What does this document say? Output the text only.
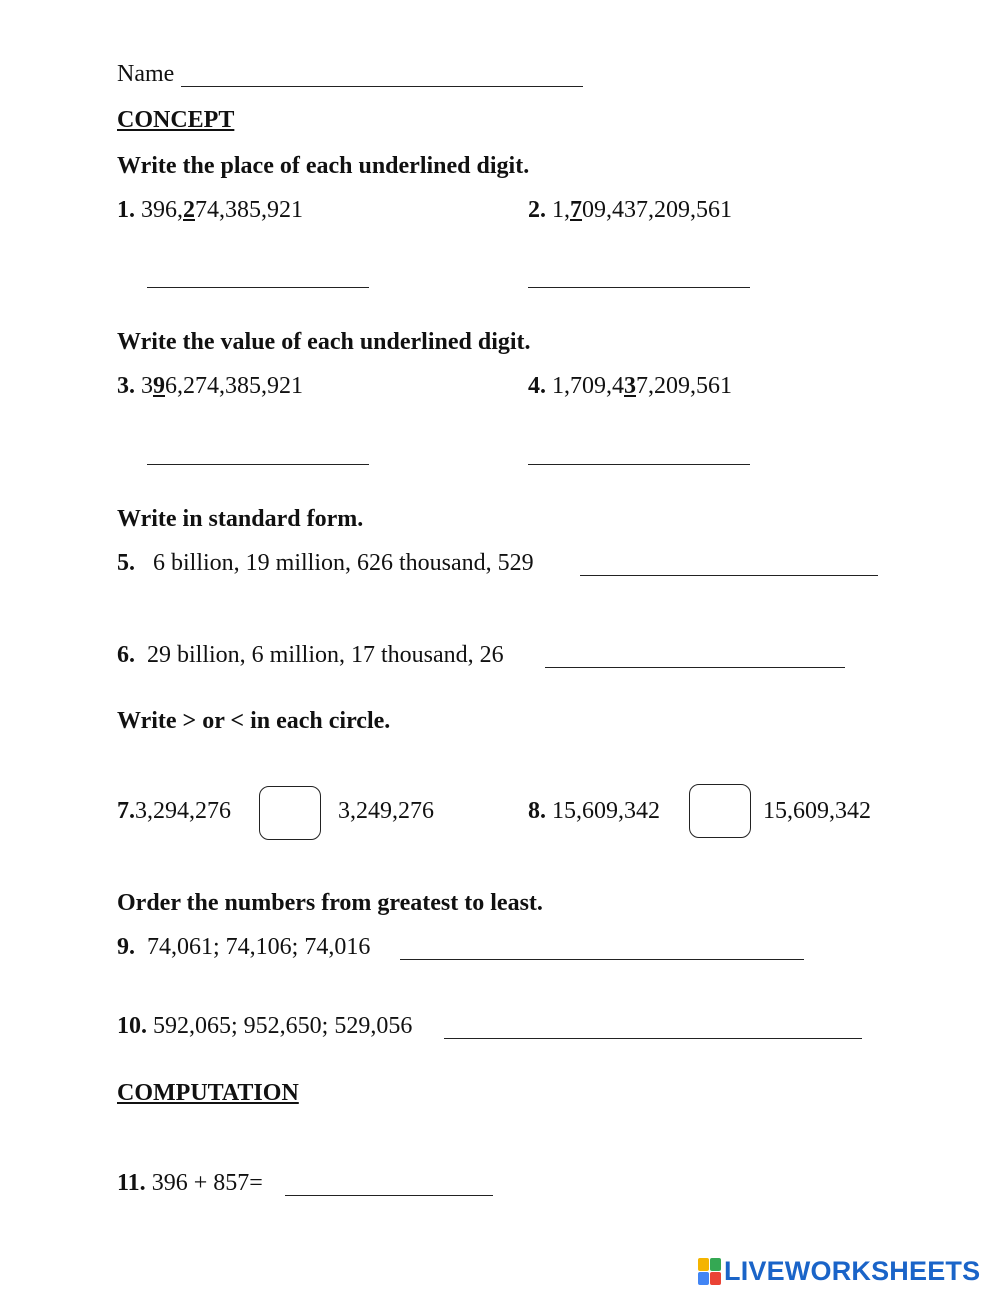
Name
CONCEPT
Write the place of each underlined digit.
1. 396,274,385,921	2. 1,709,437,209,561
Write the value of each underlined digit.
3. 396,274,385,921	4. 1,709,437,209,561
Write in standard form.
5. 6 billion, 19 million, 626 thousand, 529
6. 29 billion, 6 million, 17 thousand, 26
Write > or < in each circle.
7.3,294,276	3,249,276	8. 15,609,342	15,609,342
Order the numbers from greatest to least.
9. 74,061; 74,106; 74,016
10. 592,065; 952,650; 529,056
COMPUTATION
11. 396 + 857=
LIVEWORKSHEETS
